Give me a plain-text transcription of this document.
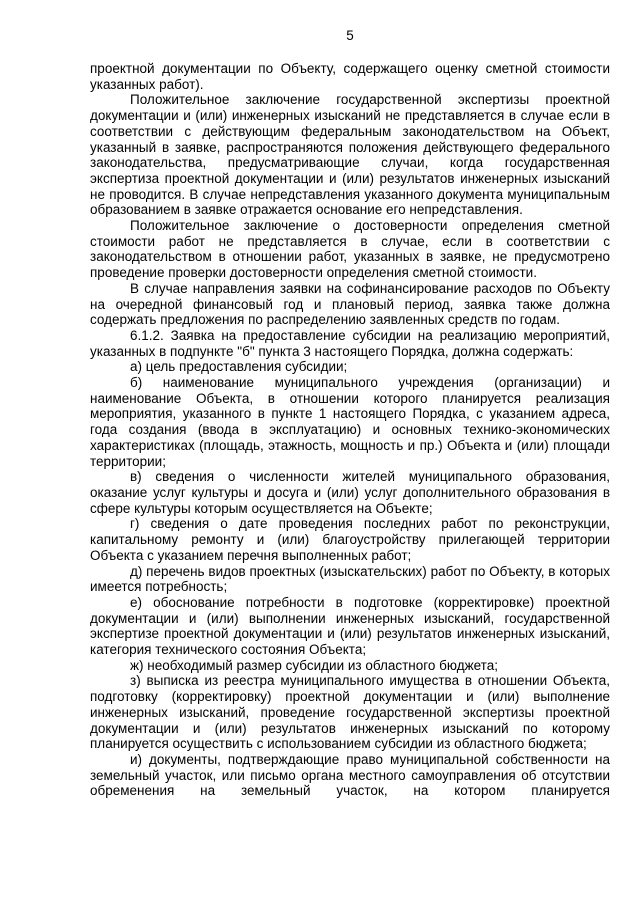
5

проектной документации по Объекту, содержащего оценку сметной стоимости указанных работ).

Положительное заключение государственной экспертизы проектной документации и (или) инженерных изысканий не представляется в случае если в соответствии с действующим федеральным законодательством на Объект, указанный в заявке, распространяются положения действующего федерального законодательства, предусматривающие случаи, когда государственная экспертиза проектной документации и (или) результатов инженерных изысканий не проводится. В случае непредставления указанного документа муниципальным образованием в заявке отражается основание его непредставления.

Положительное заключение о достоверности определения сметной стоимости работ не представляется в случае, если в соответствии с законодательством в отношении работ, указанных в заявке, не предусмотрено проведение проверки достоверности определения сметной стоимости.

В случае направления заявки на софинансирование расходов по Объекту на очередной финансовый год и плановый период, заявка также должна содержать предложения по распределению заявленных средств по годам.

6.1.2. Заявка на предоставление субсидии на реализацию мероприятий, указанных в подпункте "б" пункта 3 настоящего Порядка, должна содержать:

а) цель предоставления субсидии;

б) наименование муниципального учреждения (организации) и наименование Объекта, в отношении которого планируется реализация мероприятия, указанного в пункте 1 настоящего Порядка, с указанием адреса, года создания (ввода в эксплуатацию) и основных технико-экономических характеристиках (площадь, этажность, мощность и пр.) Объекта и (или) площади территории;

в) сведения о численности жителей муниципального образования, оказание услуг культуры и досуга и (или) услуг дополнительного образования в сфере культуры которым осуществляется на Объекте;

г) сведения о дате проведения последних работ по реконструкции, капитальному ремонту и (или) благоустройству прилегающей территории Объекта с указанием перечня выполненных работ;

д) перечень видов проектных (изыскательских) работ по Объекту, в которых имеется потребность;

е) обоснование потребности в подготовке (корректировке) проектной документации и (или) выполнении инженерных изысканий, государственной экспертизе проектной документации и (или) результатов инженерных изысканий, категория технического состояния Объекта;

ж) необходимый размер субсидии из областного бюджета;

з) выписка из реестра муниципального имущества в отношении Объекта, подготовку (корректировку) проектной документации и (или) выполнение инженерных изысканий, проведение государственной экспертизы проектной документации и (или) результатов инженерных изысканий по которому планируется осуществить с использованием субсидии из областного бюджета;

и) документы, подтверждающие право муниципальной собственности на земельный участок, или письмо органа местного самоуправления об отсутствии обременения на земельный участок, на котором планируется
